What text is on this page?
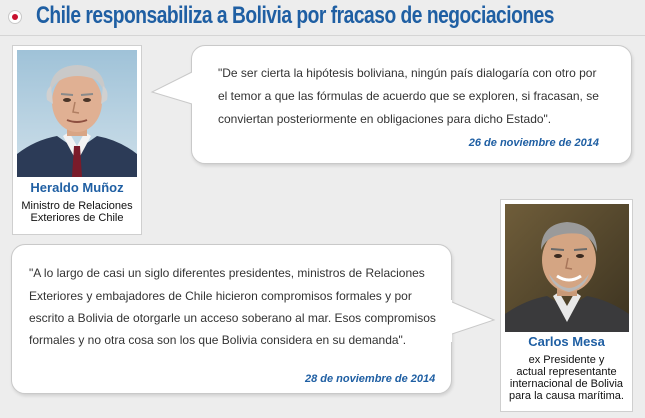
Chile responsabiliza a Bolivia por fracaso de negociaciones
Heraldo Muñoz
Ministro de Relaciones
Exteriores de Chile
"De ser cierta la hipótesis boliviana, ningún país dialogaría con otro por
el temor a que las fórmulas de acuerdo que se exploren, si fracasan, se
conviertan posteriormente en obligaciones para dicho Estado".
26 de noviembre de 2014
"A lo largo de casi un siglo diferentes presidentes, ministros de Relaciones
Exteriores y embajadores de Chile hicieron compromisos formales y por
escrito a Bolivia de otorgarle un acceso soberano al mar. Esos compromisos
formales y no otra cosa son los que Bolivia considera en su demanda".
28 de noviembre de 2014
Carlos Mesa
ex Presidente y
actual representante
internacional de Bolivia
para la causa marítima.
